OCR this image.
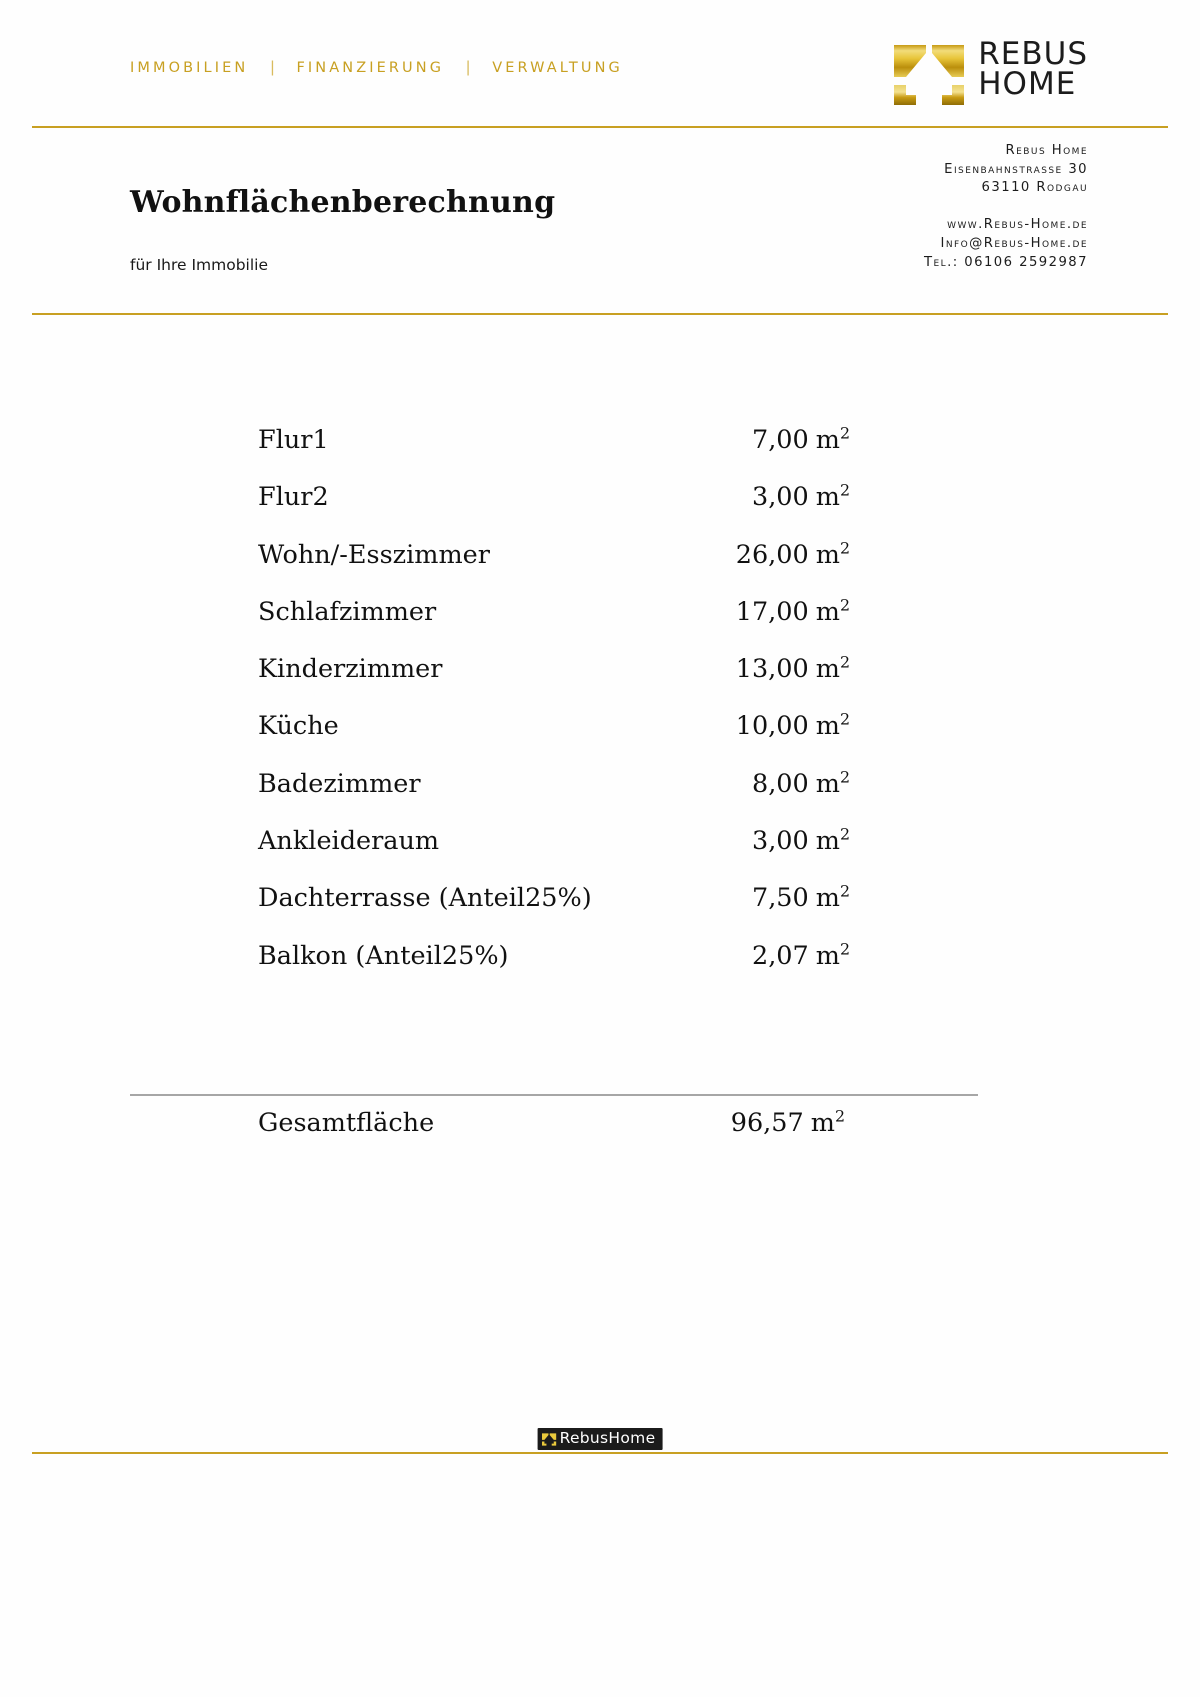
IMMOBILIEN	|	FINANZIERUNG	|	VERWALTUNG	REBUS
HOME
Wohnflächenberechnung
für Ihre Immobilie
Rebus Home
Eisenbahnstrasse 30
63110 Rodgau
www.Rebus-Home.de
Info@Rebus-Home.de
Tel.: 06106 2592987
Flur1	7,00 $m^2$
Flur2	3,00 $m^2$
Wohn/-Esszimmer	26,00 $m^2$
Schlafzimmer	17,00 $m^2$
Kinderzimmer	13,00 $m^2$
Küche	10,00 $m^2$
Badezimmer	8,00 $m^2$
Ankleideraum	3,00 $m^2$
Dachterrasse (Anteil25%)	7,50 $m^2$
Balkon (Anteil25%)	2,07 $m^2$
Gesamtfläche	96,57 $m^2$
RebusHome
